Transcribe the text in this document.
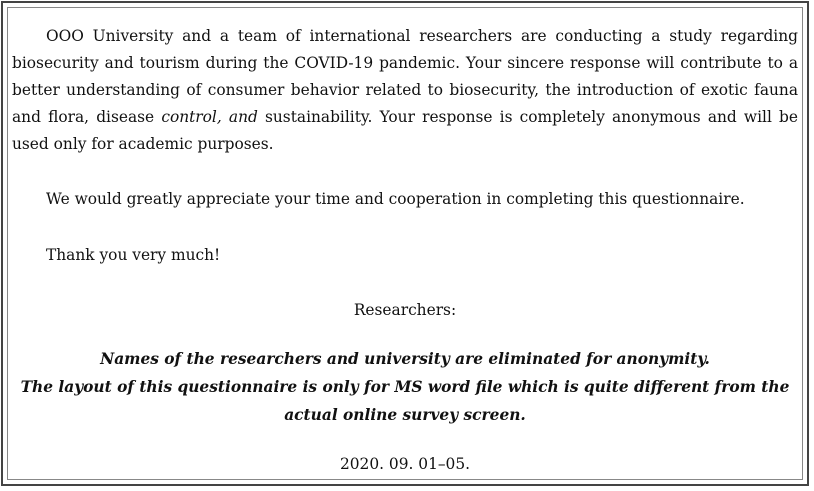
OOO University and a team of international researchers are conducting a study regarding biosecurity and tourism during the COVID-19 pandemic. Your sincere response will contribute to a better understanding of consumer behavior related to biosecurity, the introduction of exotic fauna and flora, disease control, and sustainability. Your response is completely anonymous and will be used only for academic purposes.

We would greatly appreciate your time and cooperation in completing this questionnaire.

Thank you very much!

Researchers:

Names of the researchers and university are eliminated for anonymity.
The layout of this questionnaire is only for MS word file which is quite different from the actual online survey screen.

2020. 09. 01–05.
